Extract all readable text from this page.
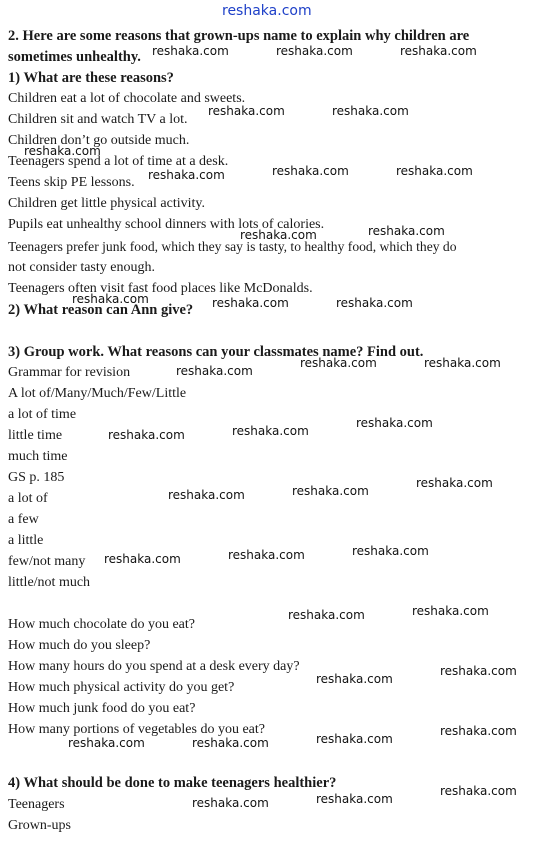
reshaka.com
2. Here are some reasons that grown-ups name to explain why children are
sometimes unhealthy.
1) What are these reasons?
Children eat a lot of chocolate and sweets.
Children sit and watch TV a lot.
Children don’t go outside much.
Teenagers spend a lot of time at a desk.
Teens skip PE lessons.
Children get little physical activity.
Pupils eat unhealthy school dinners with lots of calories.
Teenagers prefer junk food, which they say is tasty, to healthy food, which they do
not consider tasty enough.
Teenagers often visit fast food places like McDonalds.
2) What reason can Ann give?
3) Group work. What reasons can your classmates name? Find out.
Grammar for revision
A lot of/Many/Much/Few/Little
a lot of time
little time
much time
GS p. 185
a lot of
a few
a little
few/not many
little/not much
How much chocolate do you eat?
How much do you sleep?
How many hours do you spend at a desk every day?
How much physical activity do you get?
How much junk food do you eat?
How many portions of vegetables do you eat?
4) What should be done to make teenagers healthier?
Teenagers
Grown-ups
reshaka.com	reshaka.com	reshaka.com
reshaka.com	reshaka.com
reshaka.com
reshaka.com	reshaka.com	reshaka.com
reshaka.com
reshaka.com
reshaka.com	reshaka.com	reshaka.com
reshaka.com	reshaka.com
reshaka.com
reshaka.com
reshaka.com
reshaka.com
reshaka.com
reshaka.com
reshaka.com
reshaka.com
reshaka.com
reshaka.com
reshaka.com
reshaka.com
reshaka.com
reshaka.com
reshaka.com
reshaka.com
reshaka.com
reshaka.com
reshaka.com
reshaka.com
reshaka.com
